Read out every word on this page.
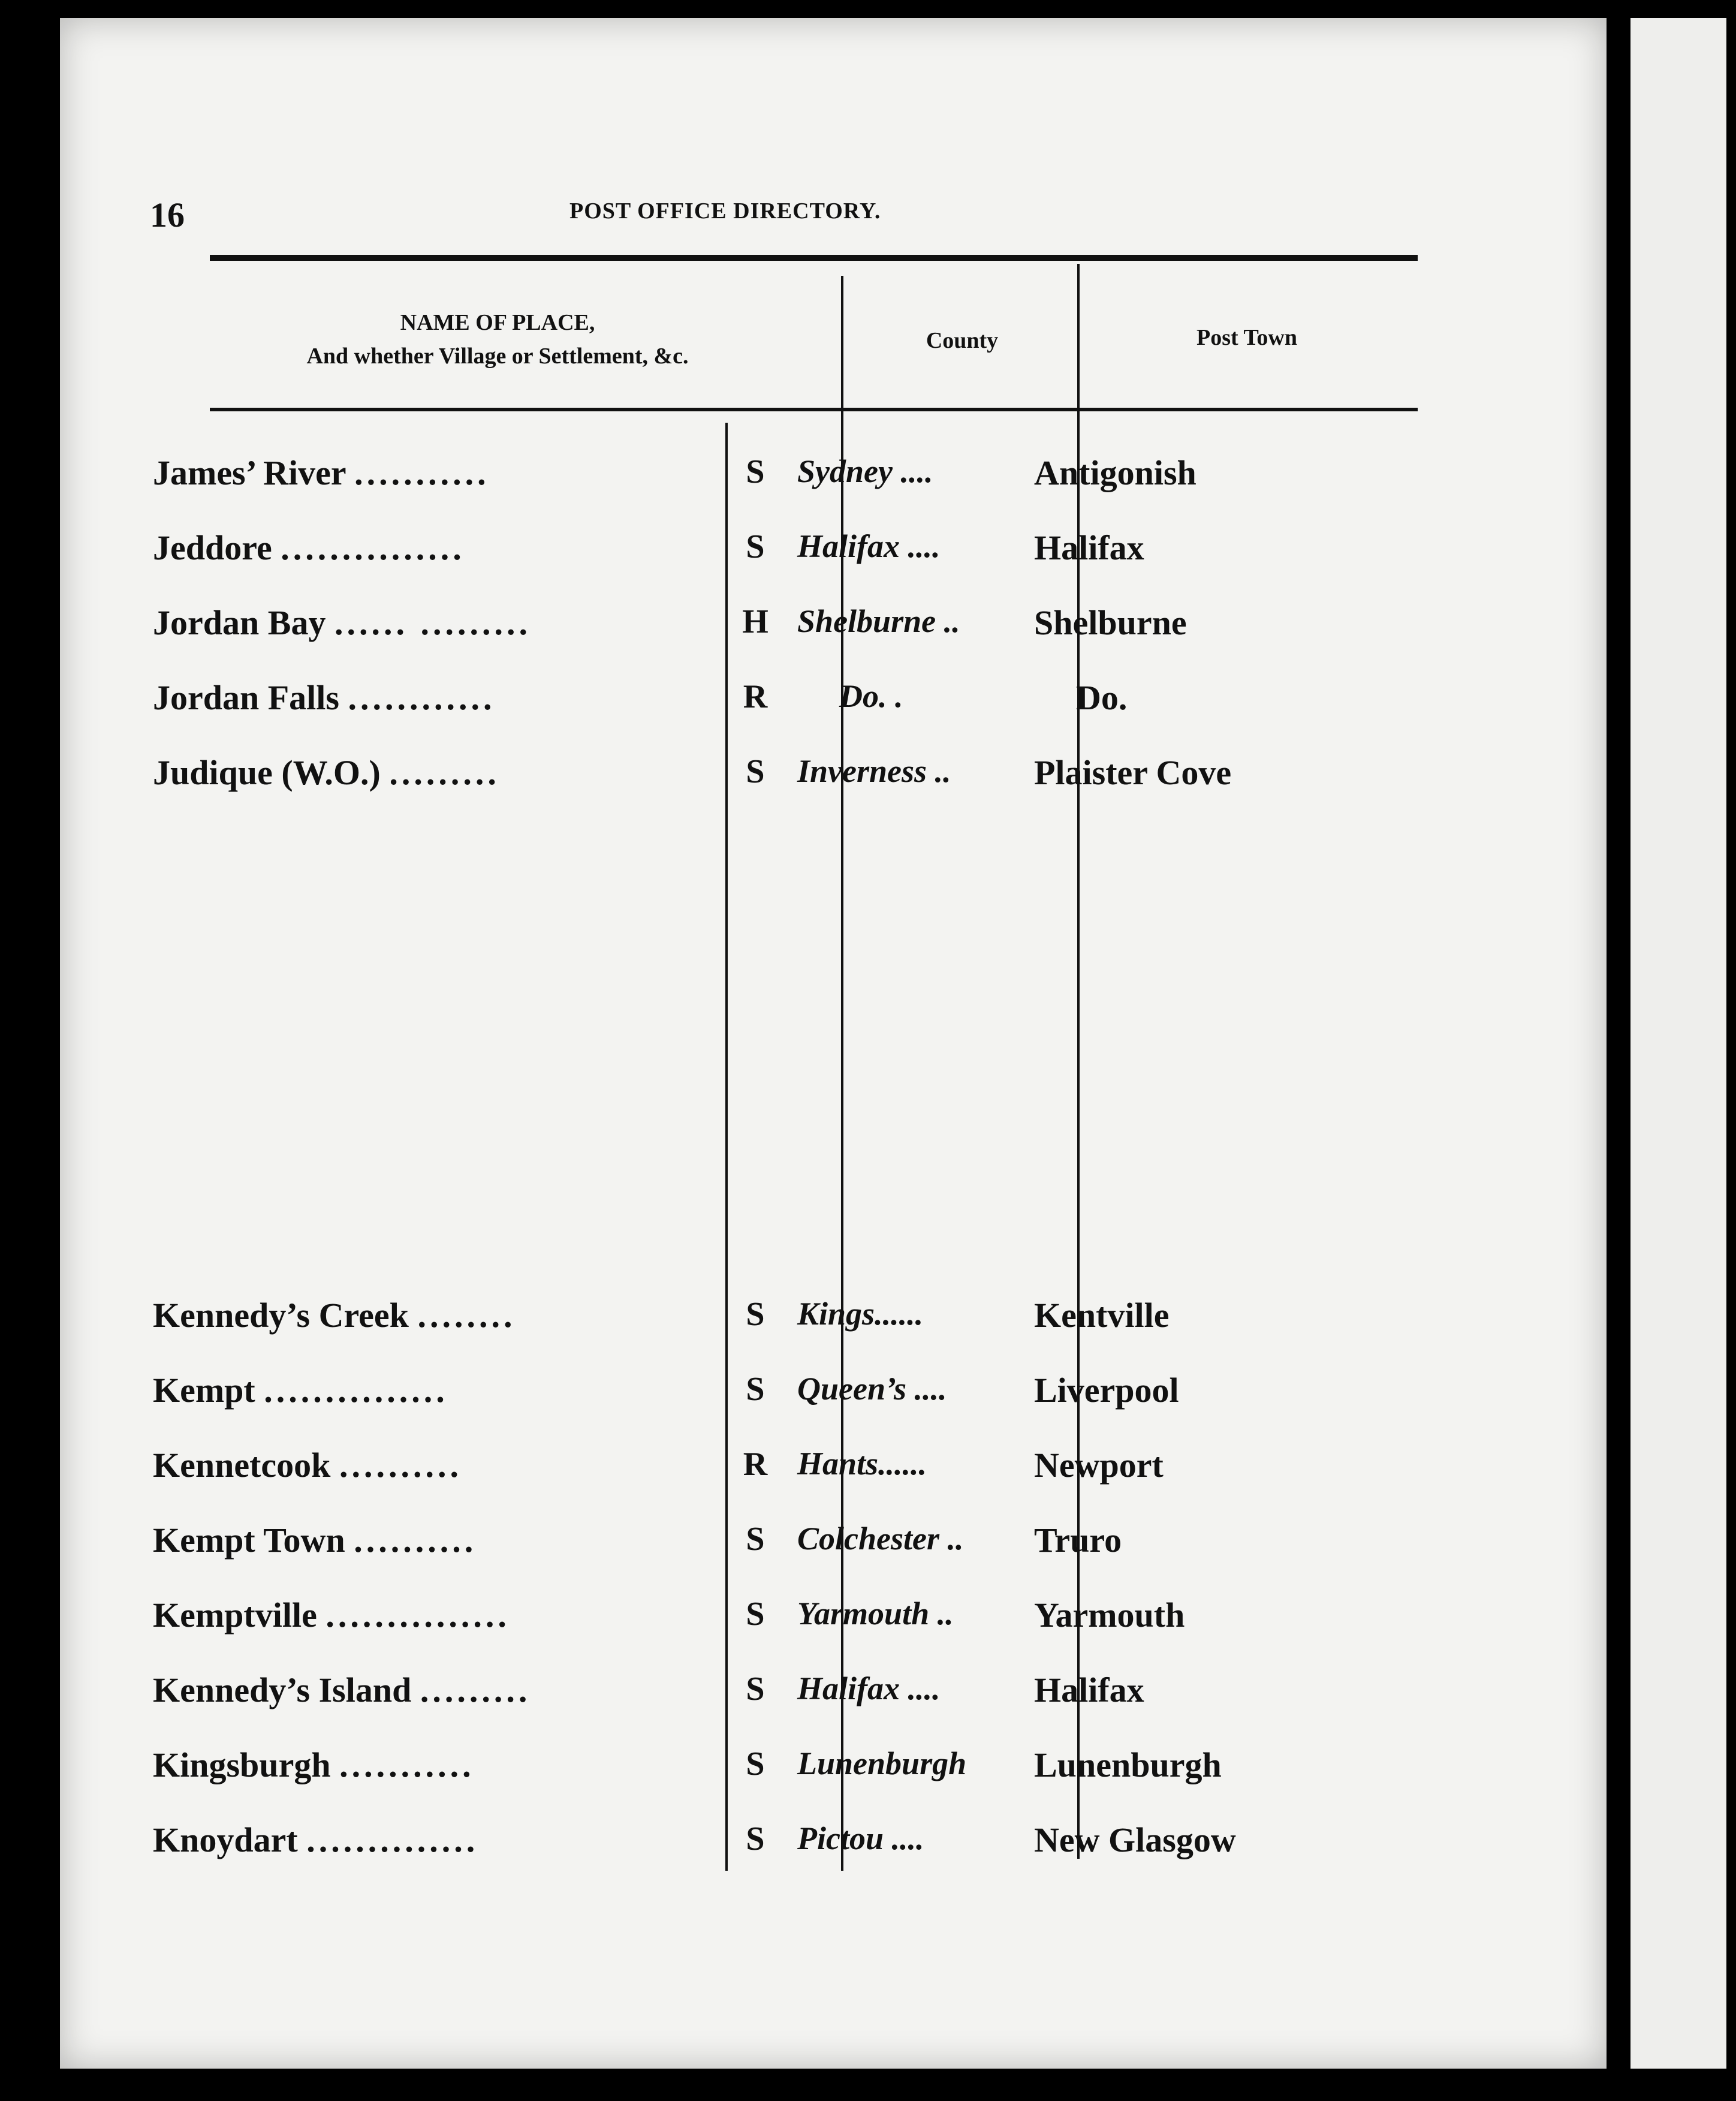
16	POST OFFICE DIRECTORY.
NAME OF PLACE,
And whether Village or Settlement, &c.
County	Post Town
James’ River ...........	S	Sydney ....	Antigonish
Jeddore ...............	S	Halifax ....	Halifax
Jordan Bay ...... .........	H Shelburne ..	Shelburne
Jordan Falls ............	R	Do. .	Do.
Judique (W.O.) .........	S	Inverness ..	Plaister Cove
Kennedy’s Creek ........	S	Kings......	Kentville
Kempt ...............	S	Queen’s ....	Liverpool
Kennetcook ..........	R Hants......	Newport
Kempt Town ..........	S	Colchester ..	Truro
Kemptville ...............	S	Yarmouth ..	Yarmouth
Kennedy’s Island .........	S	Halifax ....	Halifax
Kingsburgh ...........	S	Lunenburgh	Lunenburgh
Knoydart ..............	S	Pictou ....	New Glasgow
